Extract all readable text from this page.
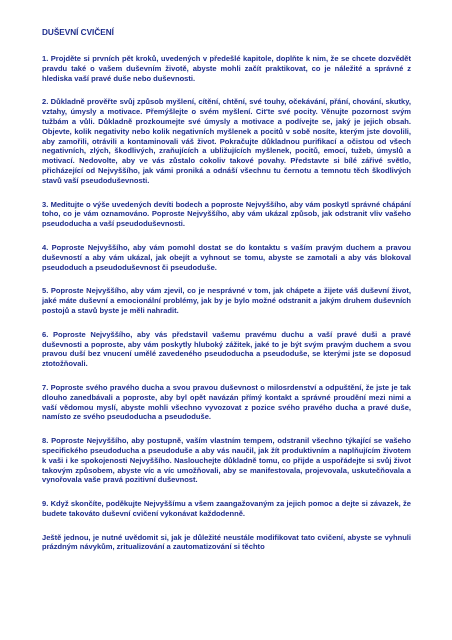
DUŠEVNÍ CVIČENÍ

1. Projděte si prvních pět kroků, uvedených v předešlé kapitole, doplňte k nim, že se chcete dozvědět pravdu také o vašem duševním životě, abyste mohli začít praktikovat, co je náležité a správné z hlediska vaší pravé duše nebo duševnosti.

2. Důkladně prověřte svůj způsob myšlení, cítění, chtění, své touhy, očekávání, přání, chování, skutky, vztahy, úmysly a motivace. Přemýšlejte o svém myšlení. Cit'te své pocity. Věnujte pozornost svým tužbám a vůli. Důkladně prozkoumejte své úmysly a motivace a podívejte se, jaký je jejich obsah. Objevte, kolik negativity nebo kolik negativních myšlenek a pocitů v sobě nosíte, kterým jste dovolili, aby zamořili, otrávili a kontaminovali váš život. Pokračujte důkladnou purifikací a očistou od všech negativních, zlých, škodlivých, zraňujících a ubližujících myšlenek, pocitů, emocí, tužeb, úmyslů a motivací. Nedovolte, aby ve vás zůstalo cokoliv takové povahy. Představte si bílé zářivé světlo, přicházející od Nejvyššího, jak vámi proniká a odnáší všechnu tu černotu a temnotu těch škodlivých stavů vaší pseudoduševnosti.

3. Meditujte o výše uvedených devíti bodech a poproste Nejvyššího, aby vám poskytl správné chápání toho, co je vám oznamováno. Poproste Nejvyššího, aby vám ukázal způsob, jak odstranit vliv vašeho pseudoducha a vaší pseudoduševnosti.

4. Poproste Nejvyššího, aby vám pomohl dostat se do kontaktu s vaším pravým duchem a pravou duševností a aby vám ukázal, jak obejít a vyhnout se tomu, abyste se zamotali a aby vás blokoval pseudoduch a pseudoduševnost či pseudoduše.

5. Poproste Nejvyššího, aby vám zjevil, co je nesprávné v tom, jak chápete a žijete váš duševní život, jaké máte duševní a emocionální problémy, jak by je bylo možné odstranit a jakým druhem duševních postojů a stavů byste je měli nahradit.

6. Poproste Nejvyššího, aby vás představil vašemu pravému duchu a vaší pravé duši a pravé duševnosti a poproste, aby vám poskytly hluboký zážitek, jaké to je být svým pravým duchem a svou pravou duší bez vnucení umělé zavedeného pseudoducha a pseudoduše, se kterými jste se doposud ztotožňovali.

7. Poproste svého pravého ducha a svou pravou duševnost o milosrdenství a odpuštění, že jste je tak dlouho zanedbávali a poproste, aby byl opět navázán přímý kontakt a správné proudění mezi nimi a vaší vědomou myslí, abyste mohli všechno vyvozovat z pozice svého pravého ducha a pravé duše, namísto ze svého pseudoducha a pseudoduše.

8. Poproste Nejvyššího, aby postupně, vaším vlastním tempem, odstranil všechno týkající se vašeho specifického pseudoducha a pseudoduše a aby vás naučil, jak žít produktivním a naplňujícím životem k vaši i ke spokojenosti Nejvyššího. Naslouchejte důkladně tomu, co přijde a uspořádejte si svůj život takovým způsobem, abyste víc a víc umožňovali, aby se manifestovala, projevovala, uskutečňovala a vynořovala vaše pravá pozitivní duševnost.

9. Když skončíte, poděkujte Nejvyššímu a všem zaangažovaným za jejich pomoc a dejte si závazek, že budete takováto duševní cvičení vykonávat každodenně.

Ještě jednou, je nutné uvědomit si, jak je důležité neustále modifikovat tato cvičení, abyste se vyhnuli prázdným návykům, zritualizování a zautomatizování si těchto
